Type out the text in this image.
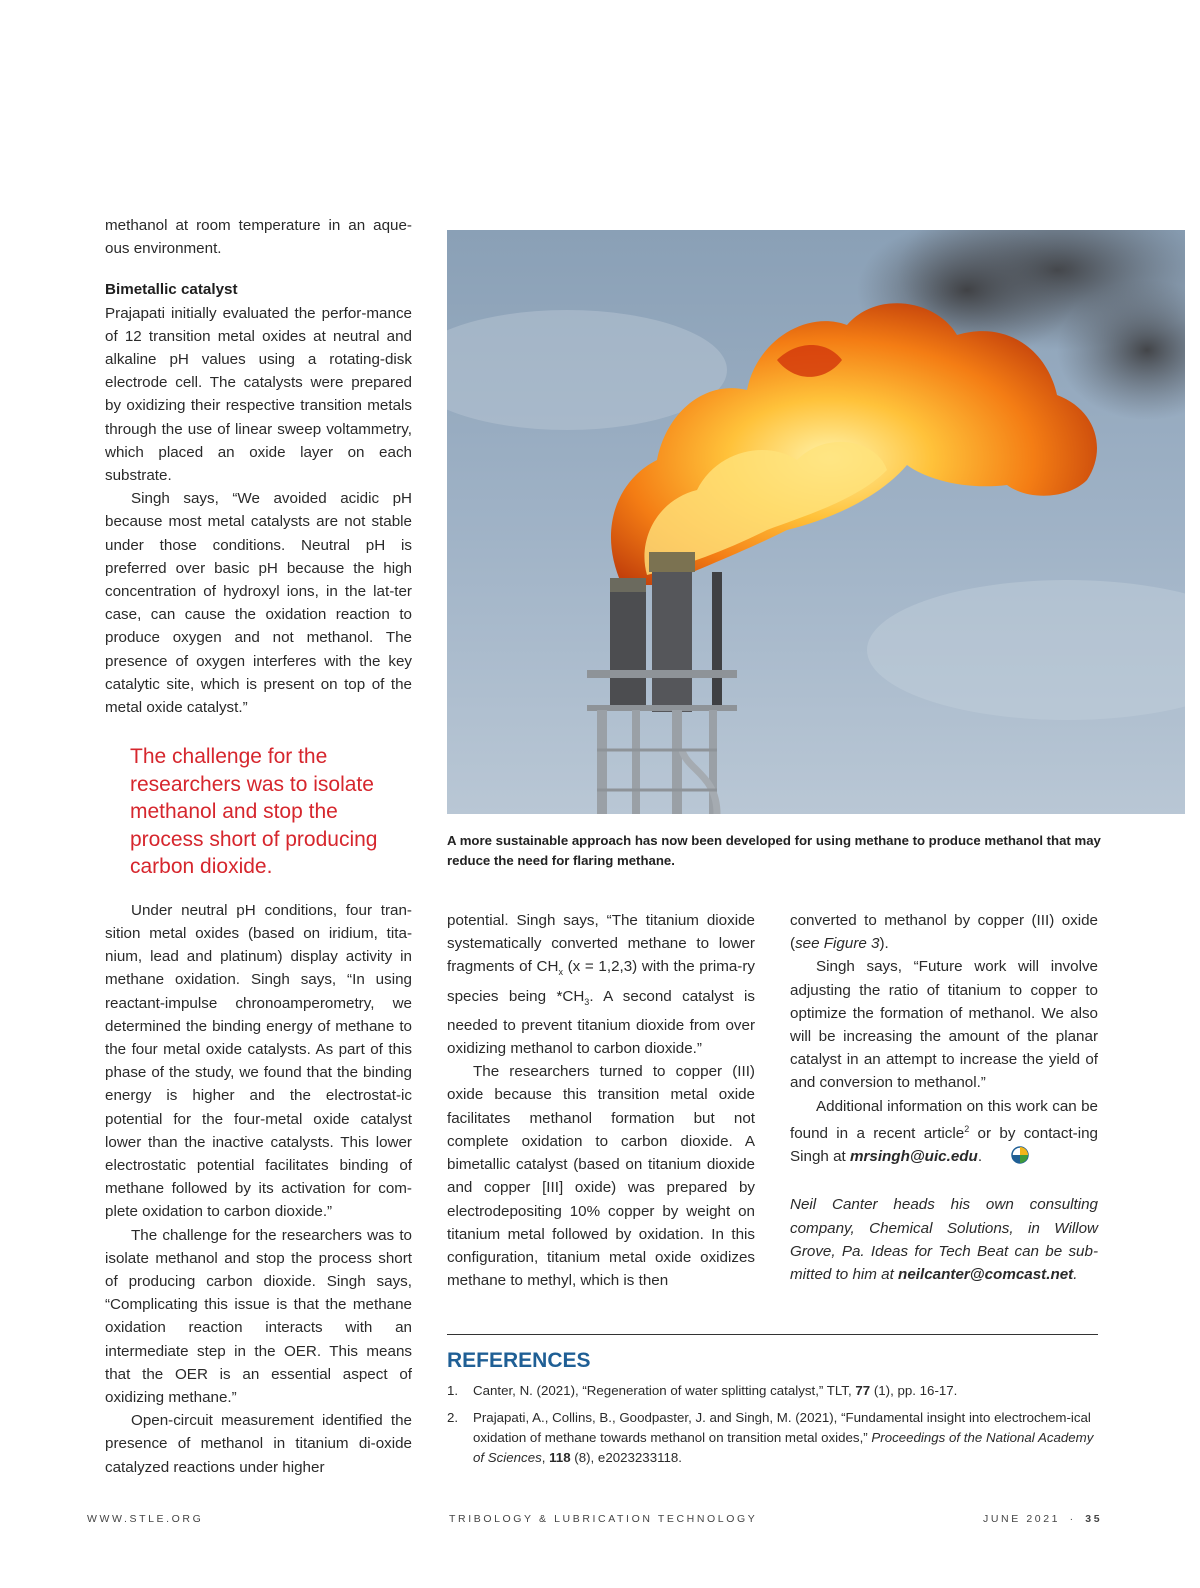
methanol at room temperature in an aque-ous environment.

Bimetallic catalyst

Prajapati initially evaluated the perfor-mance of 12 transition metal oxides at neutral and alkaline pH values using a rotating-disk electrode cell. The catalysts were prepared by oxidizing their respective transition metals through the use of linear sweep voltammetry, which placed an oxide layer on each substrate.

Singh says, “We avoided acidic pH because most metal catalysts are not stable under those conditions. Neutral pH is preferred over basic pH because the high concentration of hydroxyl ions, in the lat-ter case, can cause the oxidation reaction to produce oxygen and not methanol. The presence of oxygen interferes with the key catalytic site, which is present on top of the metal oxide catalyst.”

The challenge for the researchers was to isolate methanol and stop the process short of producing carbon dioxide.

Under neutral pH conditions, four tran-sition metal oxides (based on iridium, tita-nium, lead and platinum) display activity in methane oxidation. Singh says, “In using reactant-impulse chronoamperometry, we determined the binding energy of methane to the four metal oxide catalysts. As part of this phase of the study, we found that the binding energy is higher and the electrostat-ic potential for the four-metal oxide catalyst lower than the inactive catalysts. This lower electrostatic potential facilitates binding of methane followed by its activation for com-plete oxidation to carbon dioxide.”

The challenge for the researchers was to isolate methanol and stop the process short of producing carbon dioxide. Singh says, “Complicating this issue is that the methane oxidation reaction interacts with an intermediate step in the OER. This means that the OER is an essential aspect of oxidizing methane.”

Open-circuit measurement identified the presence of methanol in titanium di-oxide catalyzed reactions under higher

A more sustainable approach has now been developed for using methane to produce methanol that may reduce the need for flaring methane.

potential. Singh says, “The titanium dioxide systematically converted methane to lower fragments of $CH_x$ (x = 1,2,3) with the prima-ry species being $*CH_3$. A second catalyst is needed to prevent titanium dioxide from over oxidizing methanol to carbon dioxide.”

The researchers turned to copper (III) oxide because this transition metal oxide facilitates methanol formation but not complete oxidation to carbon dioxide. A bimetallic catalyst (based on titanium dioxide and copper [III] oxide) was prepared by electrodepositing 10% copper by weight on titanium metal followed by oxidation. In this configuration, titanium metal oxide oxidizes methane to methyl, which is then

converted to methanol by copper (III) oxide (see Figure 3).

Singh says, “Future work will involve adjusting the ratio of titanium to copper to optimize the formation of methanol. We also will be increasing the amount of the planar catalyst in an attempt to increase the yield of and conversion to methanol.”

Additional information on this work can be found in a recent article$^2$ or by contact-ing Singh at mrsingh@uic.edu.

Neil Canter heads his own consulting company, Chemical Solutions, in Willow Grove, Pa. Ideas for Tech Beat can be sub-mitted to him at neilcanter@comcast.net.

REFERENCES
1. Canter, N. (2021), “Regeneration of water splitting catalyst,” TLT, 77 (1), pp. 16-17.
2. Prajapati, A., Collins, B., Goodpaster, J. and Singh, M. (2021), “Fundamental insight into electrochem-ical oxidation of methane towards methanol on transition metal oxides,” Proceedings of the National Academy of Sciences, 118 (8), e2023233118.
WWW.STLE.ORG	TRIBOLOGY & LUBRICATION TECHNOLOGY	JUNE 2021 · 35
